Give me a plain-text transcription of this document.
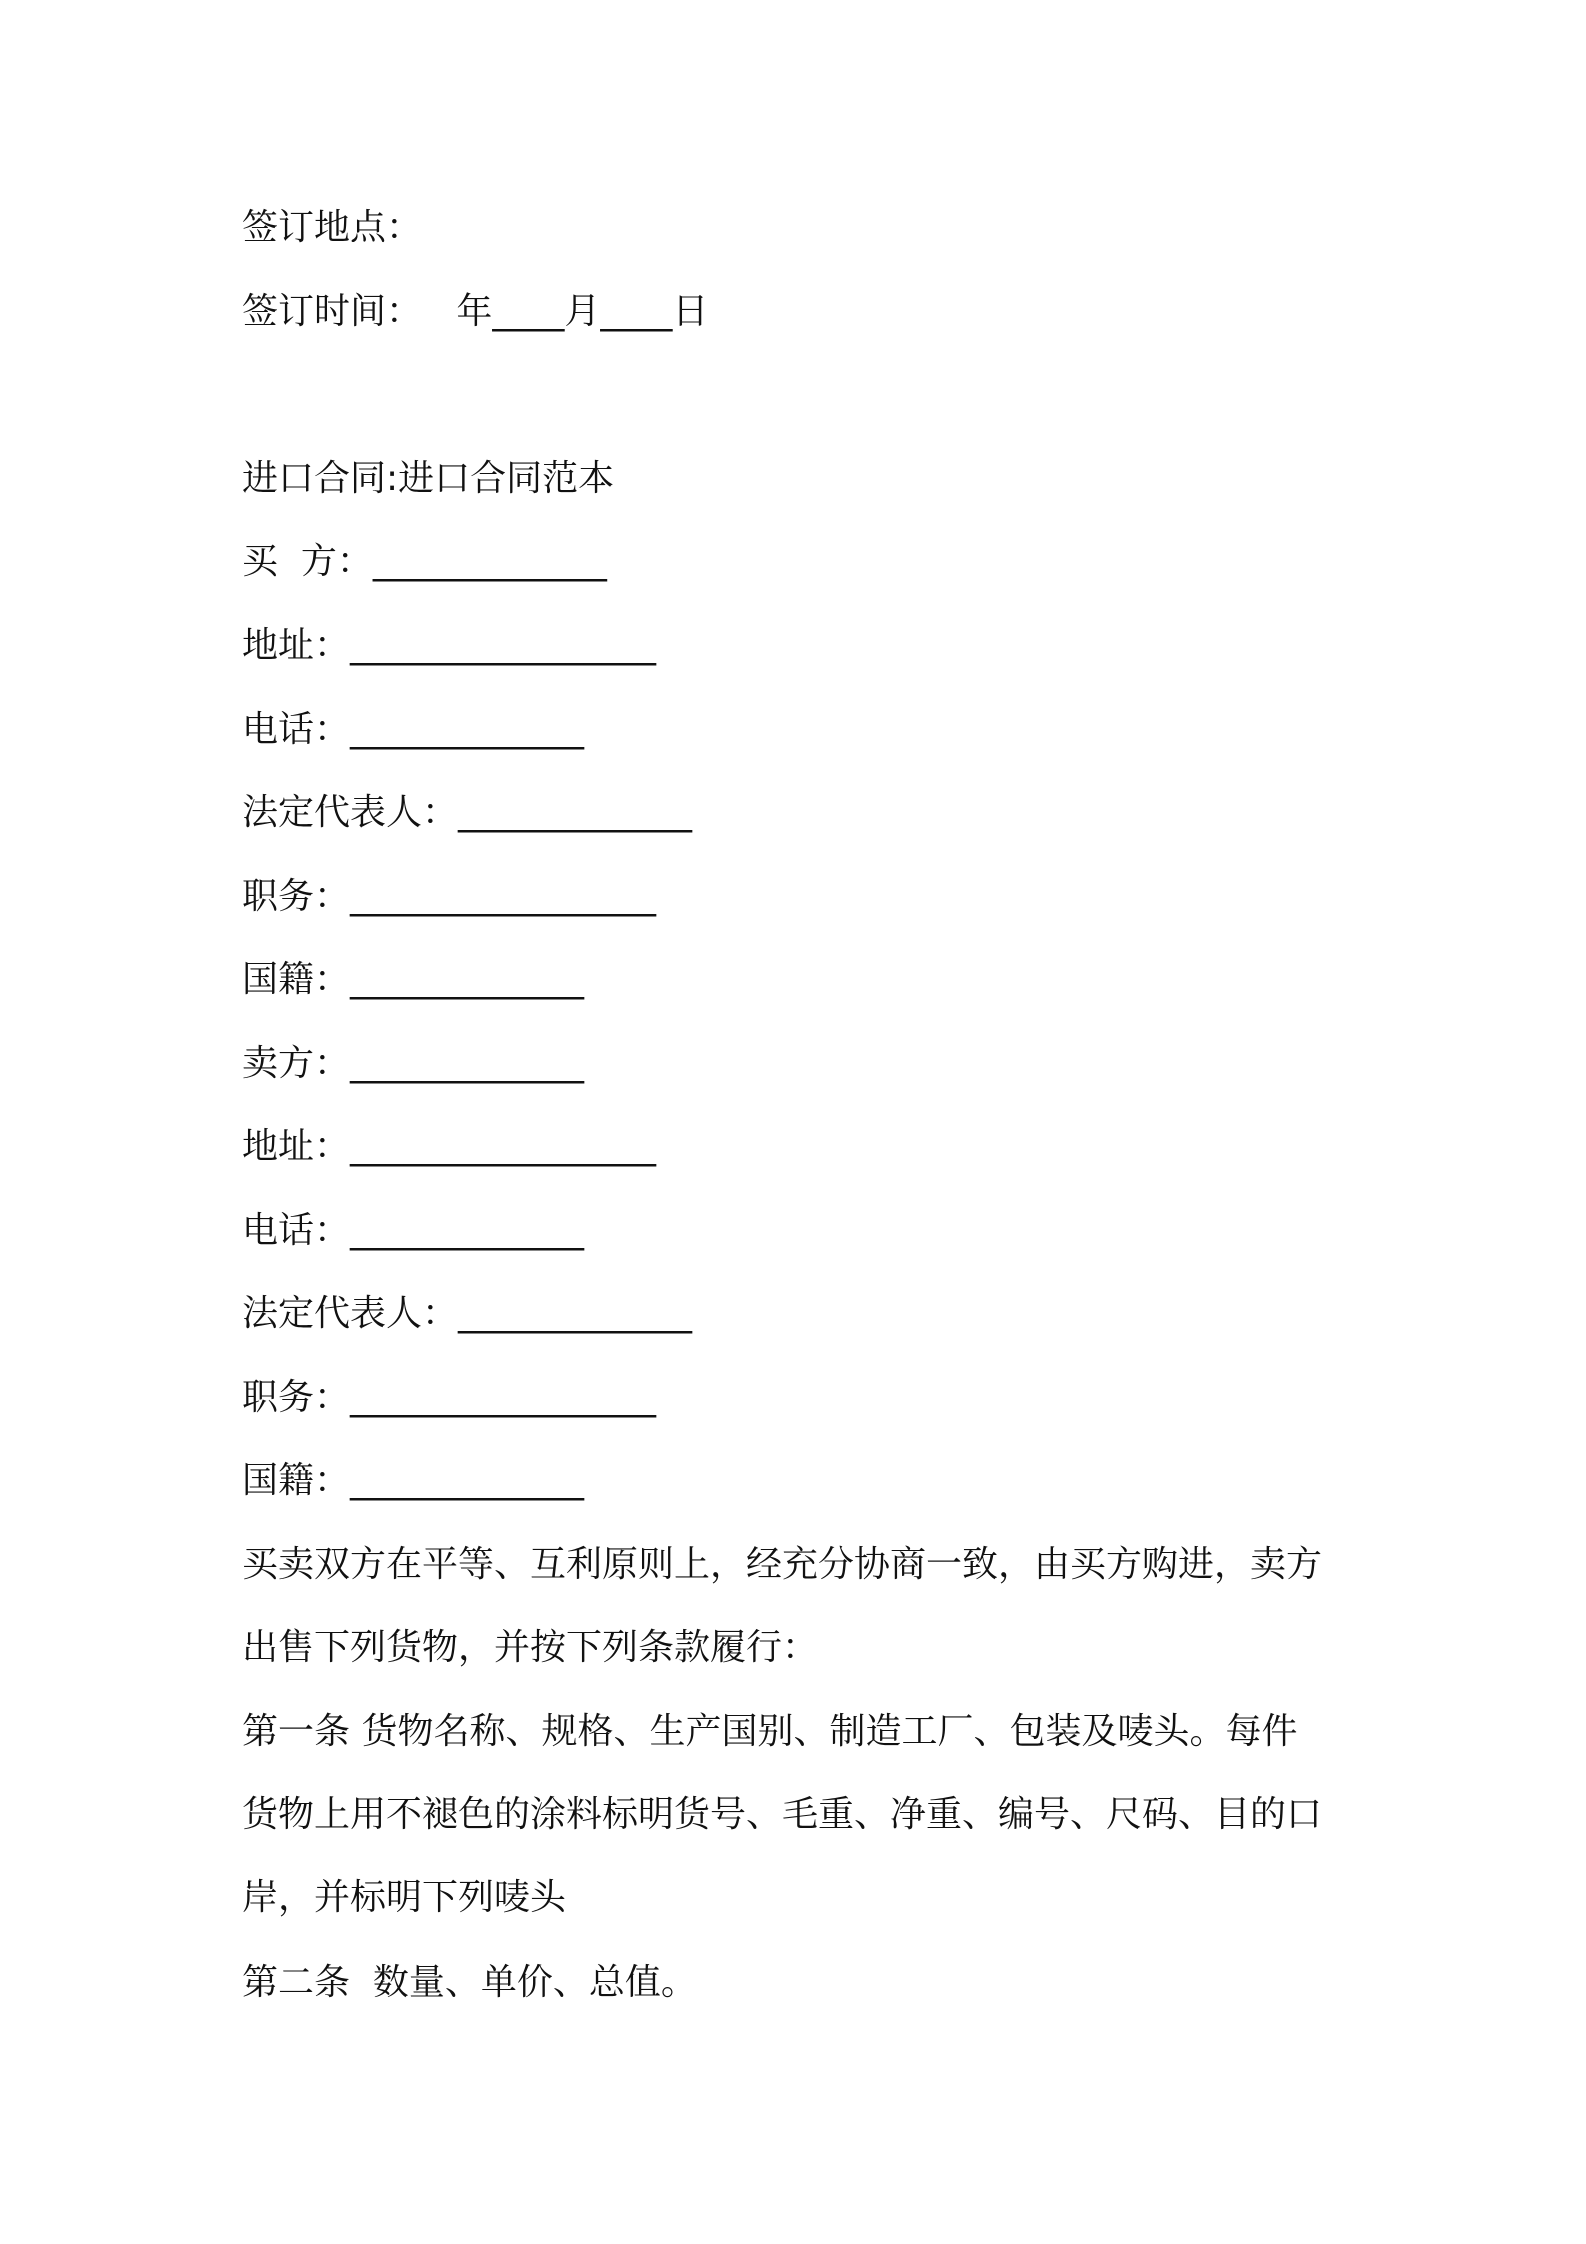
签订地点：

签订时间：   年____月____日

进口合同:进口合同范本

买  方：_____________

地址：_________________

电话：_____________

法定代表人：_____________

职务：_________________

国籍：_____________

卖方：_____________

地址：_________________

电话：_____________

法定代表人：_____________

职务：_________________

国籍：_____________

买卖双方在平等、互利原则上，经充分协商一致，由买方购进，卖方
出售下列货物，并按下列条款履行：
第一条 货物名称、规格、生产国别、制造工厂、包装及唛头。每件
货物上用不褪色的涂料标明货号、毛重、净重、编号、尺码、目的口
岸，并标明下列唛头

第二条  数量、单价、总值。
